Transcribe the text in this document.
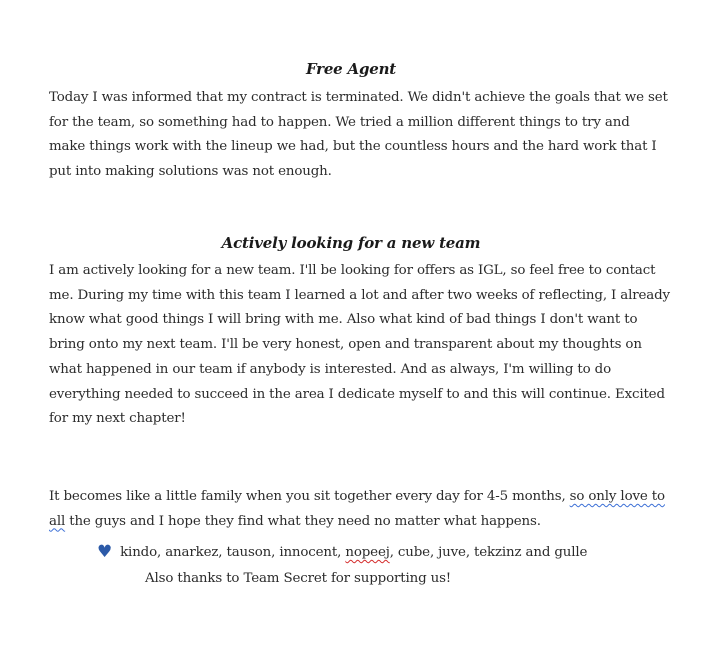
Free Agent

Today I was informed that my contract is terminated. We didn't achieve the goals that we set
for the team, so something had to happen. We tried a million different things to try and
make things work with the lineup we had, but the countless hours and the hard work that I
put into making solutions was not enough.

Actively looking for a new team

I am actively looking for a new team. I'll be looking for offers as IGL, so feel free to contact
me. During my time with this team I learned a lot and after two weeks of reflecting, I already
know what good things I will bring with me. Also what kind of bad things I don't want to
bring onto my next team. I'll be very honest, open and transparent about my thoughts on
what happened in our team if anybody is interested. And as always, I'm willing to do
everything needed to succeed in the area I dedicate myself to and this will continue. Excited
for my next chapter!

It becomes like a little family when you sit together every day for 4-5 months, so only love to
all the guys and I hope they find what they need no matter what happens.

♥ kindo, anarkez, tauson, innocent, nopeej, cube, juve, tekzinz and gulle
Also thanks to Team Secret for supporting us!
